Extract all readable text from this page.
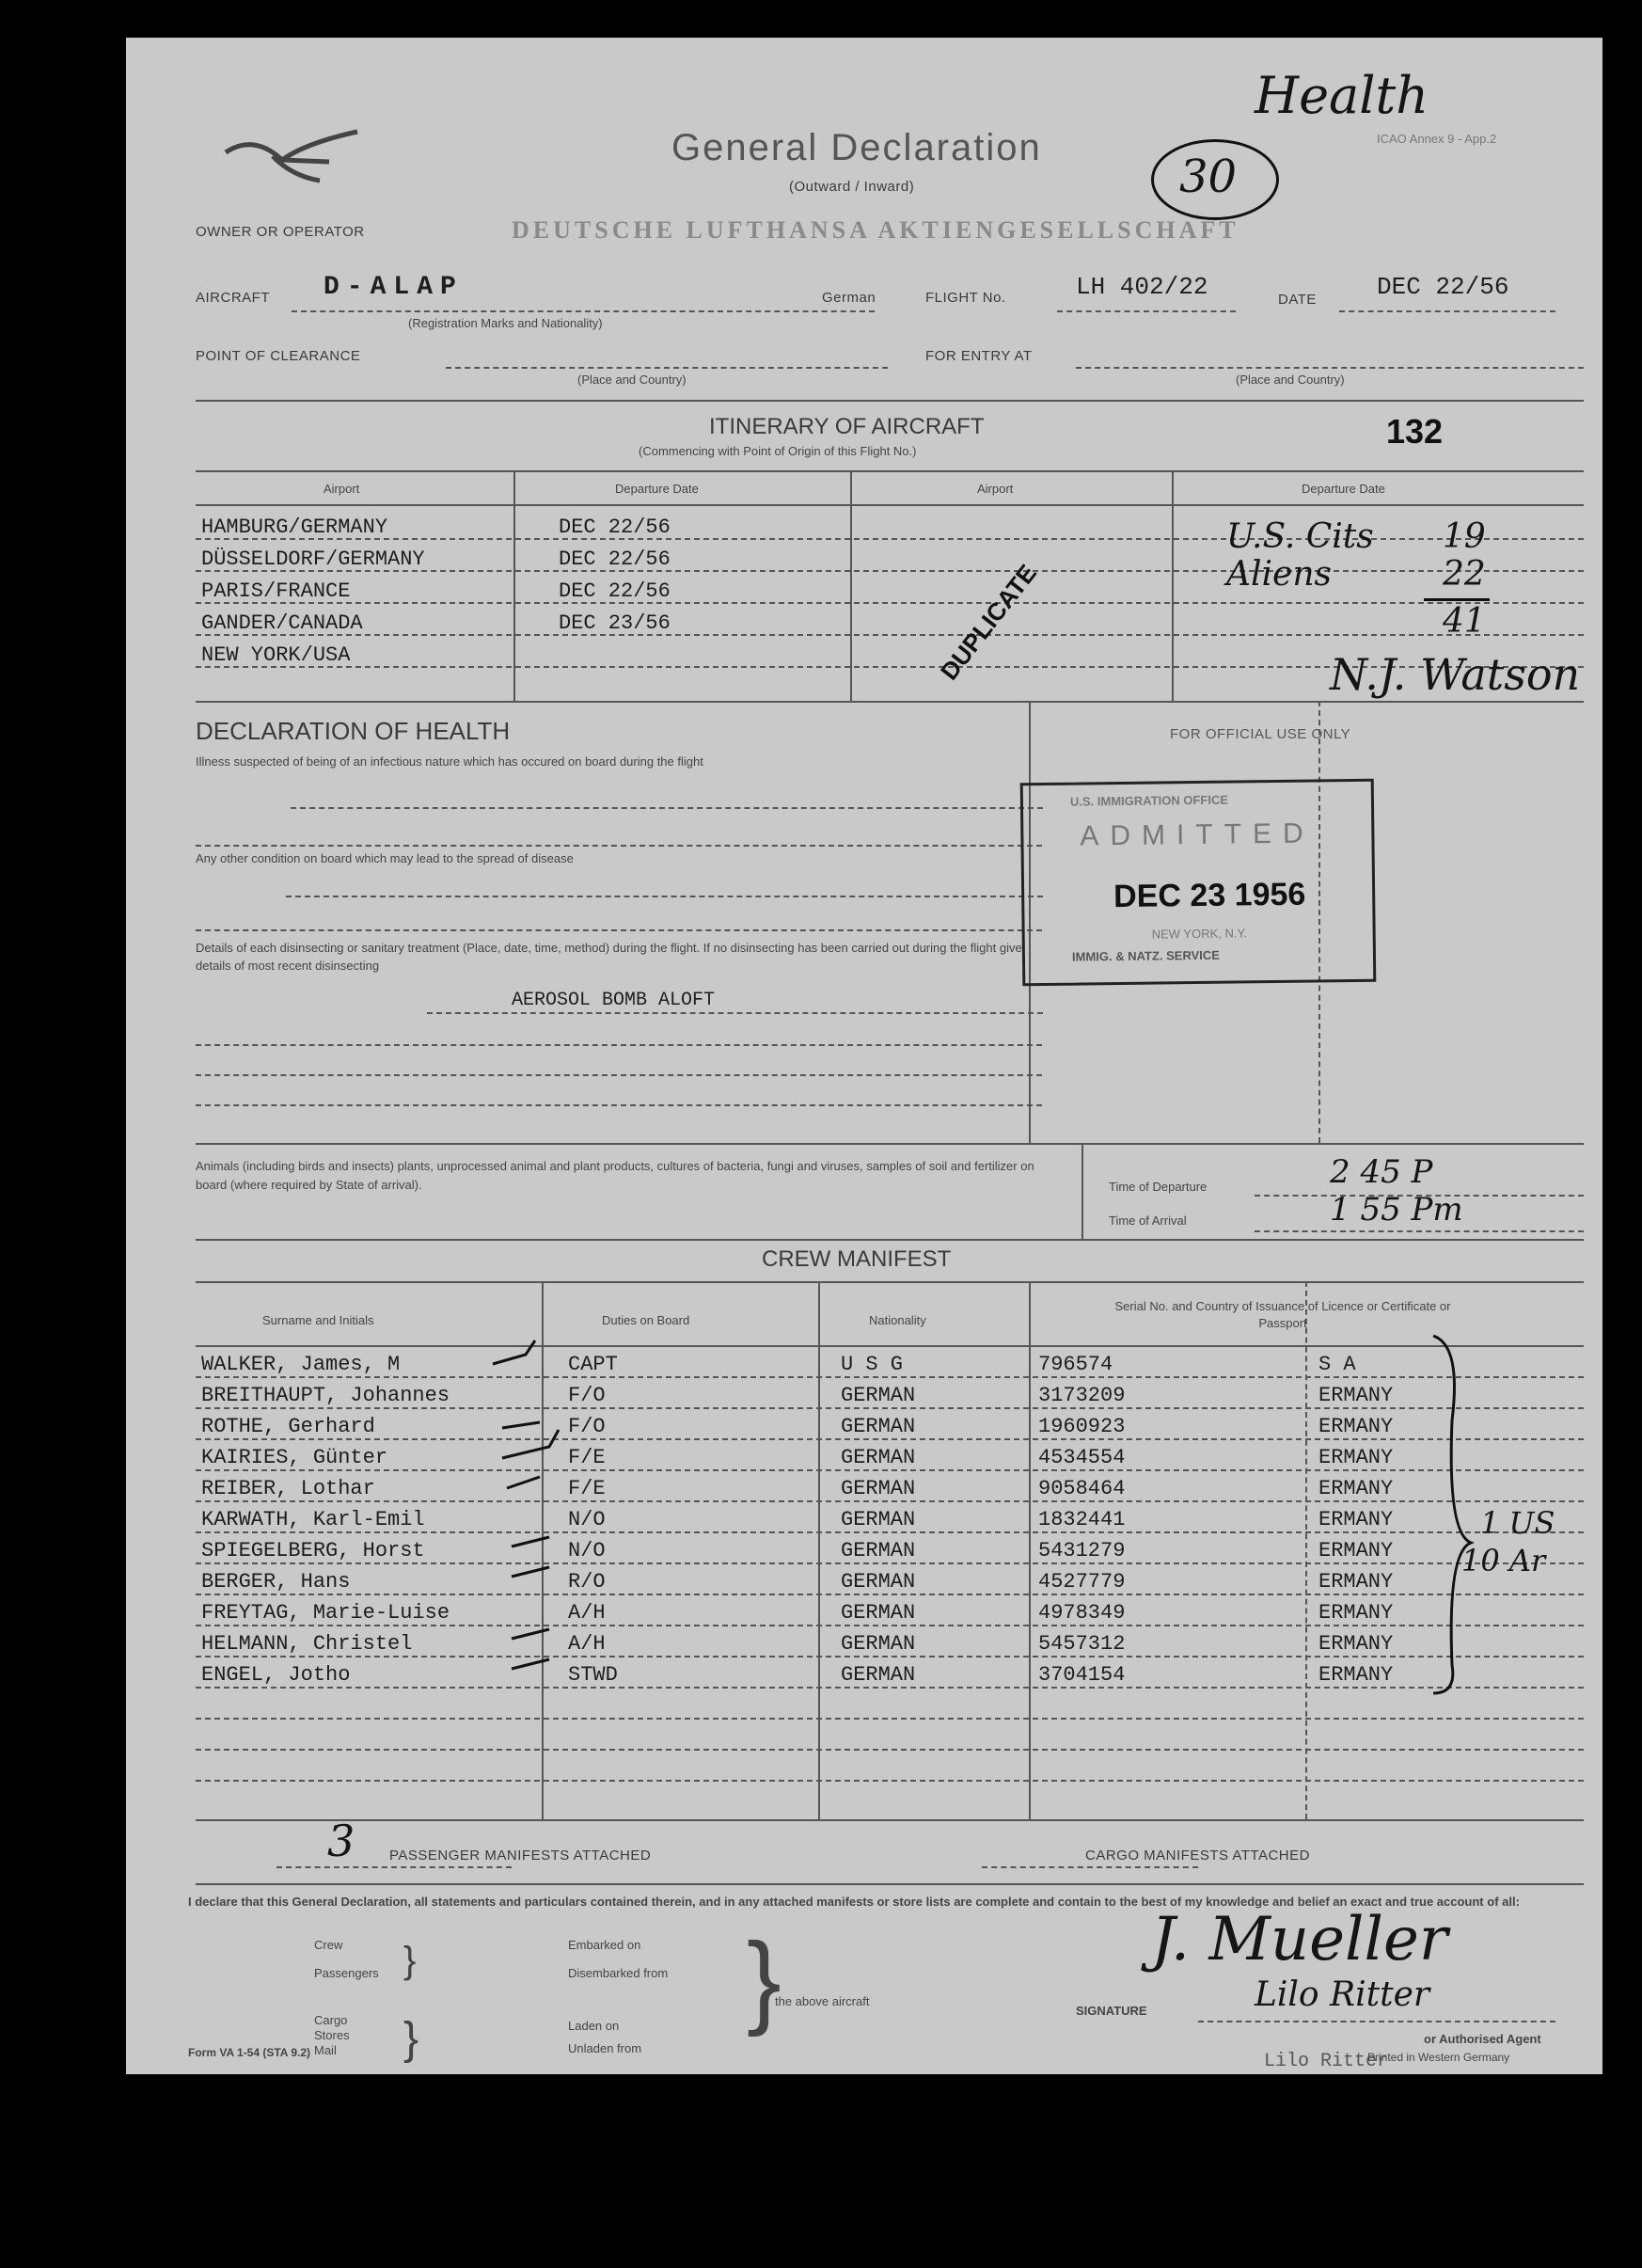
General Declaration
(Outward / Inward)
ICAO Annex 9 - App.2
Health
30
OWNER OR OPERATOR	DEUTSCHE LUFTHANSA AKTIENGESELLSCHAFT
AIRCRAFT D-ALAP	German
(Registration Marks and Nationality)
FLIGHT No.	LH 402/22	DATE DEC 22/56
POINT OF CLEARANCE
(Place and Country)
FOR ENTRY AT
(Place and Country)
ITINERARY OF AIRCRAFT
(Commencing with Point of Origin of this Flight No.)
132
Airport	Departure Date	Airport	Departure Date
HAMBURG/GERMANY	DEC 22/56
DÜSSELDORF/GERMANY	DEC 22/56
PARIS/FRANCE	DEC 22/56
GANDER/CANADA	DEC 23/56
NEW YORK/USA	DUPLICATE
U.S. Cits 19
Aliens	22
41
N.J. Watson
DECLARATION OF HEALTH
Illness suspected of being of an infectious nature which has occured on board during the flight
Any other condition on board which may lead to the spread of disease
Details of each disinsecting or sanitary treatment (Place, date, time, method) during the flight. If no disinsecting has been carried out during the flight give details of most recent disinsecting
AEROSOL BOMB ALOFT
FOR OFFICIAL USE ONLY
U.S. IMMIGRATION OFFICE
ADMITTED
DEC 23 1956
NEW YORK, N.Y.
IMMIG. & NATZ. SERVICE
Animals (including birds and insects) plants, unprocessed animal and plant products, cultures of bacteria, fungi and viruses, samples of soil and fertilizer on board (where required by State of arrival).	Time of Departure	2 45 P
Time of Arrival	1 55 Pm
CREW MANIFEST
Surname and Initials	Duties on Board	Nationality
Serial No. and Country of Issuance of Licence or Certificate or Passport
WALKER, James, M	CAPT	U S G	796574	S A
BREITHAUPT, Johannes	F/O	GERMAN	3173209	ERMANY
ROTHE, Gerhard	F/O	GERMAN	1960923	ERMANY
KAIRIES, Günter	F/E	GERMAN	4534554	ERMANY
REIBER, Lothar	F/E	GERMAN	9058464	ERMANY
KARWATH, Karl-Emil	N/O	GERMAN	1832441	ERMANY
SPIEGELBERG, Horst	N/O	GERMAN	5431279	ERMANY
BERGER, Hans	R/O	GERMAN	4527779	ERMANY
FREYTAG, Marie-Luise	A/H	GERMAN	4978349	ERMANY
HELMANN, Christel	A/H	GERMAN	5457312	ERMANY
ENGEL, Jotho	STWD	GERMAN	3704154	ERMANY
1 US
10 Ar
3 PASSENGER MANIFESTS ATTACHED	CARGO MANIFESTS ATTACHED
I declare that this General Declaration, all statements and particulars contained therein, and in any attached manifests or store lists are complete and contain to the best of my knowledge and belief an exact and true account of all:
Crew
Passengers }
Cargo
Stores
Mail }
Embarked on
Disembarked from
Laden on
Unladen from
}
the above aircraft
J. Mueller
SIGNATURE	Lilo Ritter
or Authorised Agent
Lilo Ritter
Form VA 1-54 (STA 9.2)	Printed in Western Germany
